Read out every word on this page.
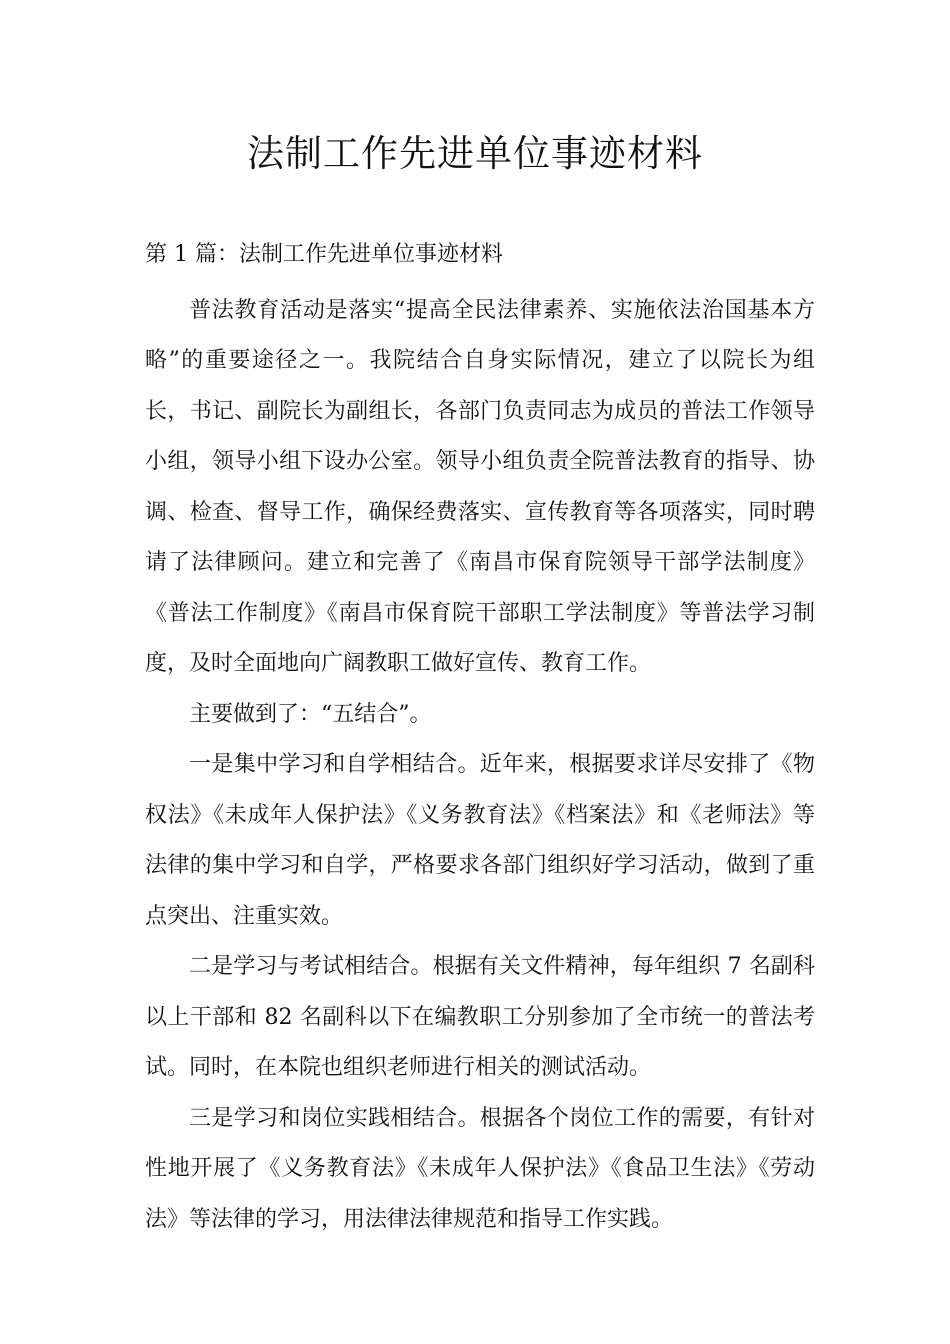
法制工作先进单位事迹材料

第 1 篇：法制工作先进单位事迹材料

普法教育活动是落实“提高全民法律素养、实施依法治国基本方略”的重要途径之一。我院结合自身实际情况，建立了以院长为组长，书记、副院长为副组长，各部门负责同志为成员的普法工作领导小组，领导小组下设办公室。领导小组负责全院普法教育的指导、协调、检查、督导工作，确保经费落实、宣传教育等各项落实，同时聘请了法律顾问。建立和完善了《南昌市保育院领导干部学法制度》《普法工作制度》《南昌市保育院干部职工学法制度》等普法学习制度，及时全面地向广阔教职工做好宣传、教育工作。

主要做到了：“五结合”。

一是集中学习和自学相结合。近年来，根据要求详尽安排了《物权法》《未成年人保护法》《义务教育法》《档案法》和《老师法》等法律的集中学习和自学，严格要求各部门组织好学习活动，做到了重点突出、注重实效。

二是学习与考试相结合。根据有关文件精神，每年组织 7 名副科以上干部和 82 名副科以下在编教职工分别参加了全市统一的普法考试。同时，在本院也组织老师进行相关的测试活动。

三是学习和岗位实践相结合。根据各个岗位工作的需要，有针对性地开展了《义务教育法》《未成年人保护法》《食品卫生法》《劳动法》等法律的学习，用法律法律规范和指导工作实践。
